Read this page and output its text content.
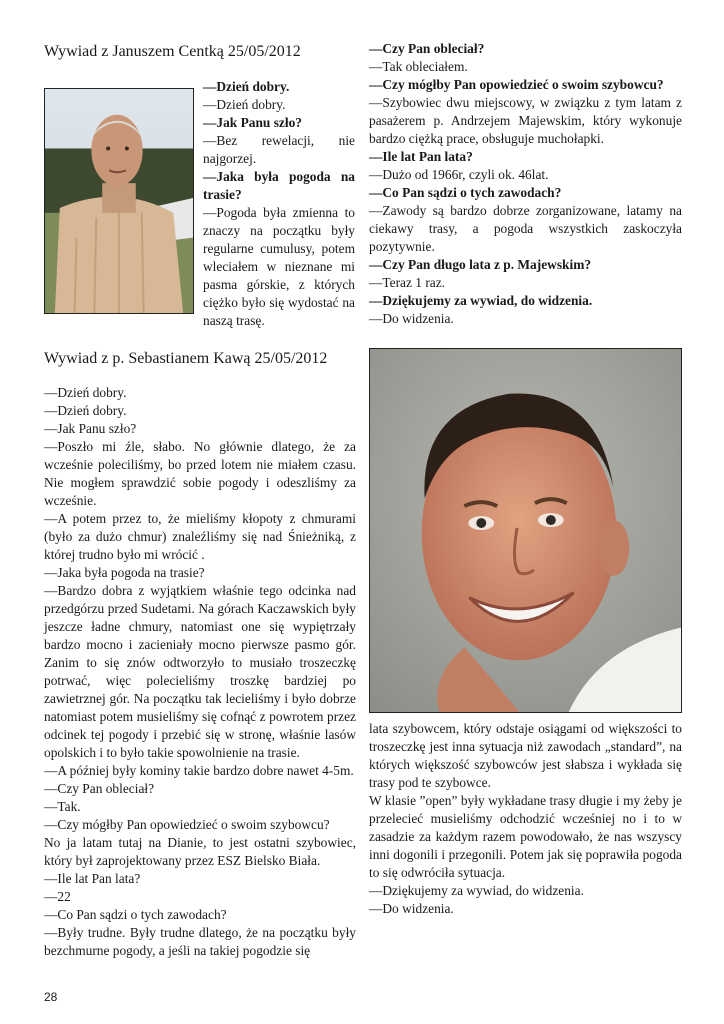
Wywiad z Januszem Centką 25/05/2012

—Dzień dobry.

—Dzień dobry.

—Jak Panu szło?

—Bez rewelacji, nie najgorzej.

—Jaka była pogoda na trasie?

—Pogoda była zmienna to znaczy na początku były regularne cumulusy, potem wleciałem w nieznane mi pasma górskie, z których ciężko było się wydostać na naszą trasę.

—Czy Pan obleciał?

—Tak obleciałem.

—Czy mógłby Pan opowiedzieć o swoim szybowcu?

—Szybowiec dwu miejscowy, w związku z tym latam z pasażerem p. Andrzejem Majewskim, który wykonuje bardzo ciężką prace, obsługuje muchołapki.

—Ile lat Pan lata?

—Dużo od 1966r, czyli ok. 46lat.

—Co Pan sądzi o tych zawodach?

—Zawody są bardzo dobrze zorganizowane, latamy na ciekawy trasy, a pogoda wszystkich zaskoczyła pozytywnie.

—Czy Pan długo lata z p. Majewskim?

—Teraz 1 raz.

—Dziękujemy za wywiad, do widzenia.

—Do widzenia.

Wywiad z p. Sebastianem Kawą 25/05/2012

—Dzień dobry.

—Dzień dobry.

—Jak Panu szło?

—Poszło mi źle, słabo. No głównie dlatego, że za wcześnie poleciliśmy, bo przed lotem nie miałem czasu. Nie mogłem sprawdzić sobie pogody i odeszliśmy za wcześnie.

—A potem przez to, że mieliśmy kłopoty z chmurami (było za dużo chmur) znaleźliśmy się nad Śnieżniką, z której trudno było mi wrócić .

—Jaka była pogoda na trasie?

—Bardzo dobra z wyjątkiem właśnie tego odcinka nad przedgórzu przed Sudetami. Na górach Kaczawskich były jeszcze ładne chmury, natomiast one się wypiętrzały bardzo mocno i zacieniały mocno pierwsze pasmo gór. Zanim to się znów odtworzyło to musiało troszeczkę potrwać, więc polecieliśmy troszkę bardziej po zawietrznej gór. Na początku tak lecieliśmy i było dobrze natomiast potem musieliśmy się cofnąć z powrotem przez odcinek tej pogody i przebić się w stronę, właśnie lasów opolskich i to było takie spowolnienie na trasie.

—A później były kominy takie bardzo dobre nawet 4-5m.

—Czy Pan obleciał?

—Tak.

—Czy mógłby Pan opowiedzieć o swoim szybowcu?

No ja latam tutaj na Dianie, to jest ostatni szybowiec, który był zaprojektowany przez ESZ Bielsko Biała.

—Ile lat Pan lata?

—22

—Co Pan sądzi o tych zawodach?

—Były trudne. Były trudne dlatego, że na początku były bezchmurne pogody, a jeśli na takiej pogodzie się

lata szybowcem, który odstaje osiągami od większości to troszeczkę jest inna sytuacja niż zawodach „standard”, na których większość szybowców jest słabsza i wykłada się trasy pod te szybowce.

W klasie ”open” były wykładane trasy długie i my żeby je przelecieć musieliśmy odchodzić wcześniej no i to w zasadzie za każdym razem powodowało, że nas wszyscy inni dogonili i przegonili. Potem jak się poprawiła pogoda to się odwróciła sytuacja.

—Dziękujemy za wywiad, do widzenia.

—Do widzenia.

28
